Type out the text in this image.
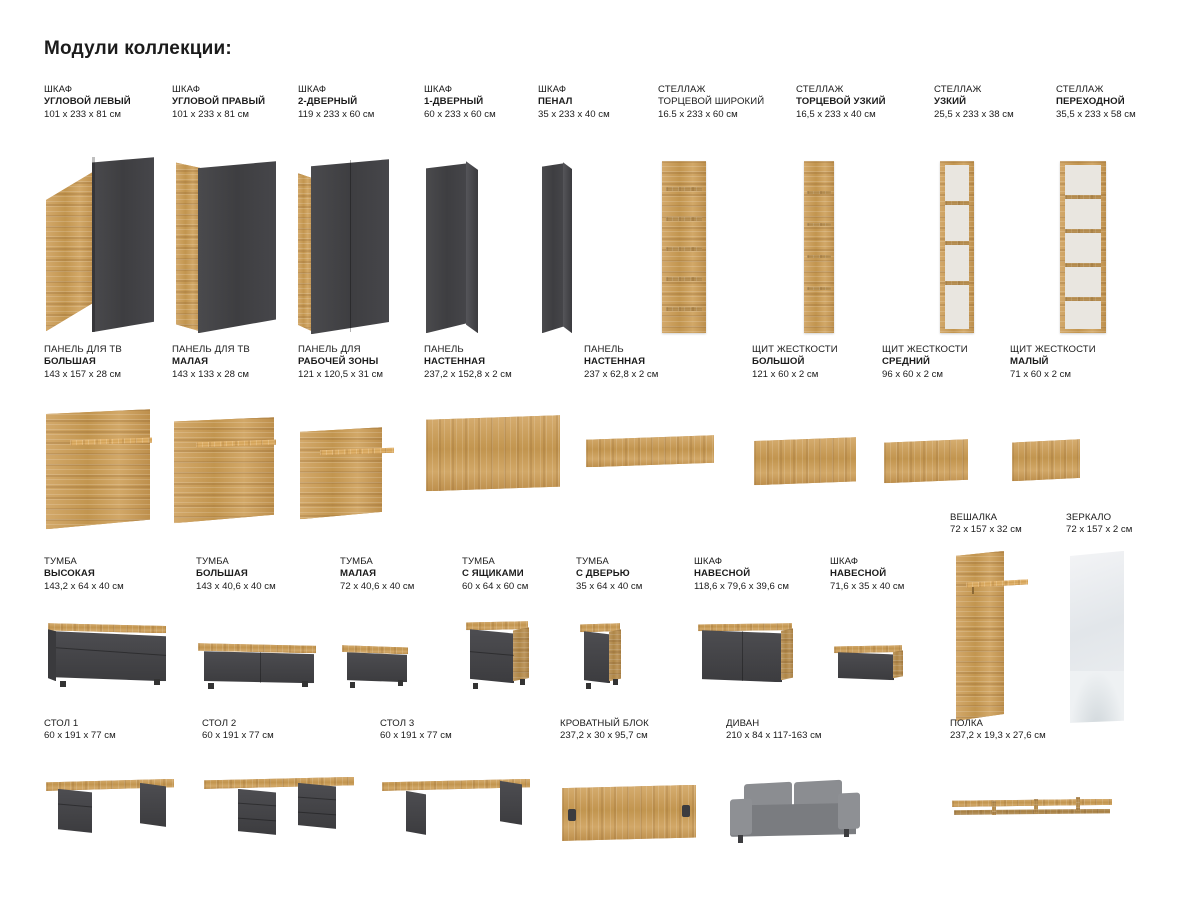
Модули коллекции:
ШКАФ
УГЛОВОЙ ЛЕВЫЙ
101 x 233 x 81 см
ШКАФ
УГЛОВОЙ ПРАВЫЙ
101 x 233 x 81 см
ШКАФ
2-ДВЕРНЫЙ
119 x 233 x 60 см
ШКАФ
1-ДВЕРНЫЙ
60 x 233 x 60 см
ШКАФ
ПЕНАЛ
35 x 233 x 40 см
СТЕЛЛАЖ
ТОРЦЕВОЙ ШИРОКИЙ
16.5 x 233 x 60 см
СТЕЛЛАЖ
ТОРЦЕВОЙ УЗКИЙ
16,5 x 233 x 40 см
СТЕЛЛАЖ
УЗКИЙ
25,5 x 233 x 38 см
СТЕЛЛАЖ
ПЕРЕХОДНОЙ
35,5 x 233 x 58 см
ПАНЕЛЬ ДЛЯ ТВ
БОЛЬШАЯ
143 x 157 x 28 см
ПАНЕЛЬ ДЛЯ ТВ
МАЛАЯ
143 x 133 x 28 см
ПАНЕЛЬ ДЛЯ
РАБОЧЕЙ ЗОНЫ
121 x 120,5 x 31 см
ПАНЕЛЬ
НАСТЕННАЯ
237,2 x 152,8 x 2 см
ПАНЕЛЬ
НАСТЕННАЯ
237 x 62,8 x 2 см
ЩИТ ЖЕСТКОСТИ
БОЛЬШОЙ
121 x 60 x 2 см
ЩИТ ЖЕСТКОСТИ
СРЕДНИЙ
96 x 60 x 2 см
ЩИТ ЖЕСТКОСТИ
МАЛЫЙ
71 x 60 x 2 см
ВЕШАЛКА
72 x 157 x 32 см
ЗЕРКАЛО
72 x 157 x 2 см
ТУМБА
ВЫСОКАЯ
143,2 x 64 x 40 см
ТУМБА
БОЛЬШАЯ
143 x 40,6 x 40 см
ТУМБА
МАЛАЯ
72 x 40,6 x 40 см
ТУМБА
С ЯЩИКАМИ
60 x 64 x 60 см
ТУМБА
С ДВЕРЬЮ
35 x 64 x 40 см
ШКАФ
НАВЕСНОЙ
118,6 x 79,6 x 39,6 см
ШКАФ
НАВЕСНОЙ
71,6 x 35 x 40 см
СТОЛ 1
60 x 191 x 77 см
СТОЛ 2
60 x 191 x 77 см
СТОЛ 3
60 x 191 x 77 см
КРОВАТНЫЙ БЛОК
237,2 x 30 x 95,7 см
ДИВАН
210 x 84 x 117-163 см
ПОЛКА
237,2 x 19,3 x 27,6 см
